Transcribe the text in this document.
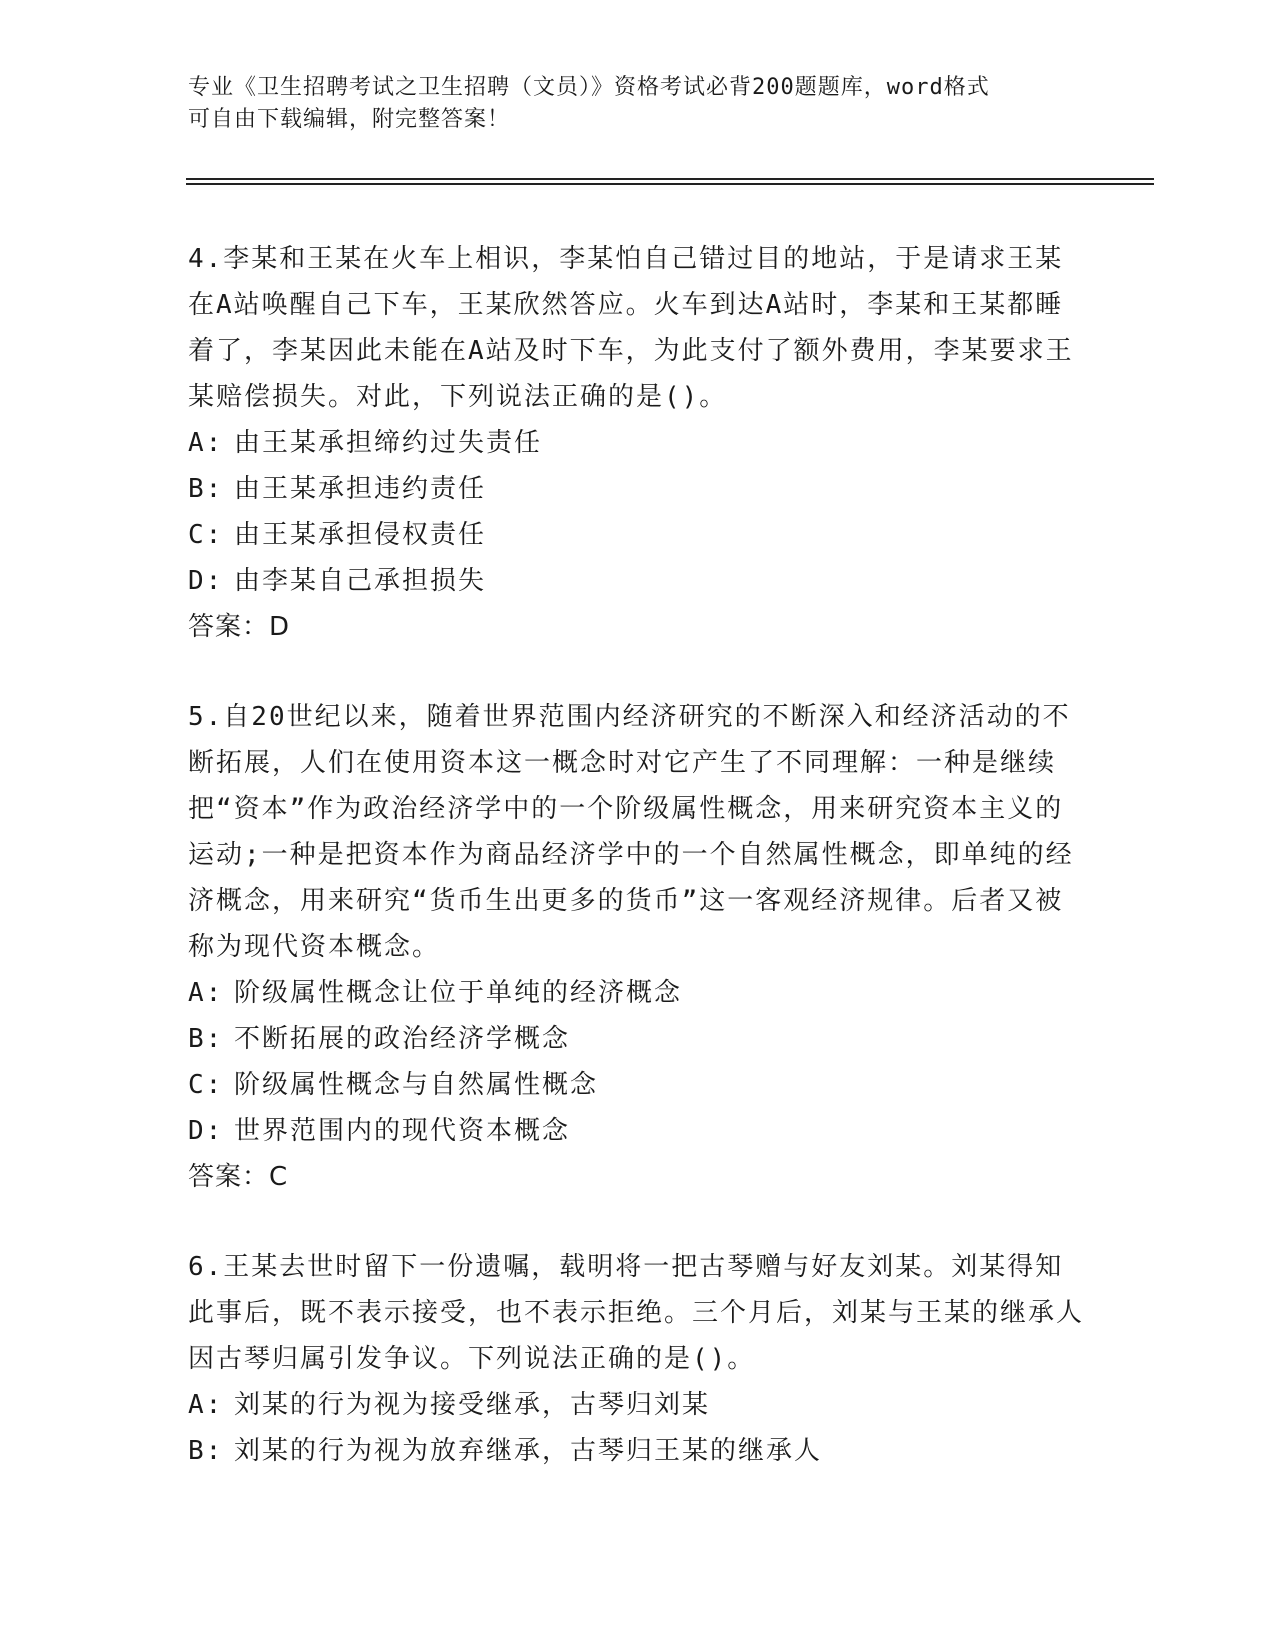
专业《卫生招聘考试之卫生招聘（文员）》资格考试必背200题题库，word格式
可自由下载编辑，附完整答案！

4.李某和王某在火车上相识，李某怕自己错过目的地站，于是请求王某在A站唤醒自己下车，王某欣然答应。火车到达A站时，李某和王某都睡着了，李某因此未能在A站及时下车，为此支付了额外费用，李某要求王某赔偿损失。对此，下列说法正确的是()。

A: 由王某承担缔约过失责任

B: 由王某承担违约责任

C: 由王某承担侵权责任

D: 由李某自己承担损失

答案：D

5.自20世纪以来，随着世界范围内经济研究的不断深入和经济活动的不断拓展，人们在使用资本这一概念时对它产生了不同理解：一种是继续把“资本”作为政治经济学中的一个阶级属性概念，用来研究资本主义的运动;一种是把资本作为商品经济学中的一个自然属性概念，即单纯的经济概念，用来研究“货币生出更多的货币”这一客观经济规律。后者又被称为现代资本概念。

A: 阶级属性概念让位于单纯的经济概念

B: 不断拓展的政治经济学概念

C: 阶级属性概念与自然属性概念

D: 世界范围内的现代资本概念

答案：C

6.王某去世时留下一份遗嘱，载明将一把古琴赠与好友刘某。刘某得知此事后，既不表示接受，也不表示拒绝。三个月后，刘某与王某的继承人因古琴归属引发争议。下列说法正确的是()。

A: 刘某的行为视为接受继承，古琴归刘某

B: 刘某的行为视为放弃继承，古琴归王某的继承人
